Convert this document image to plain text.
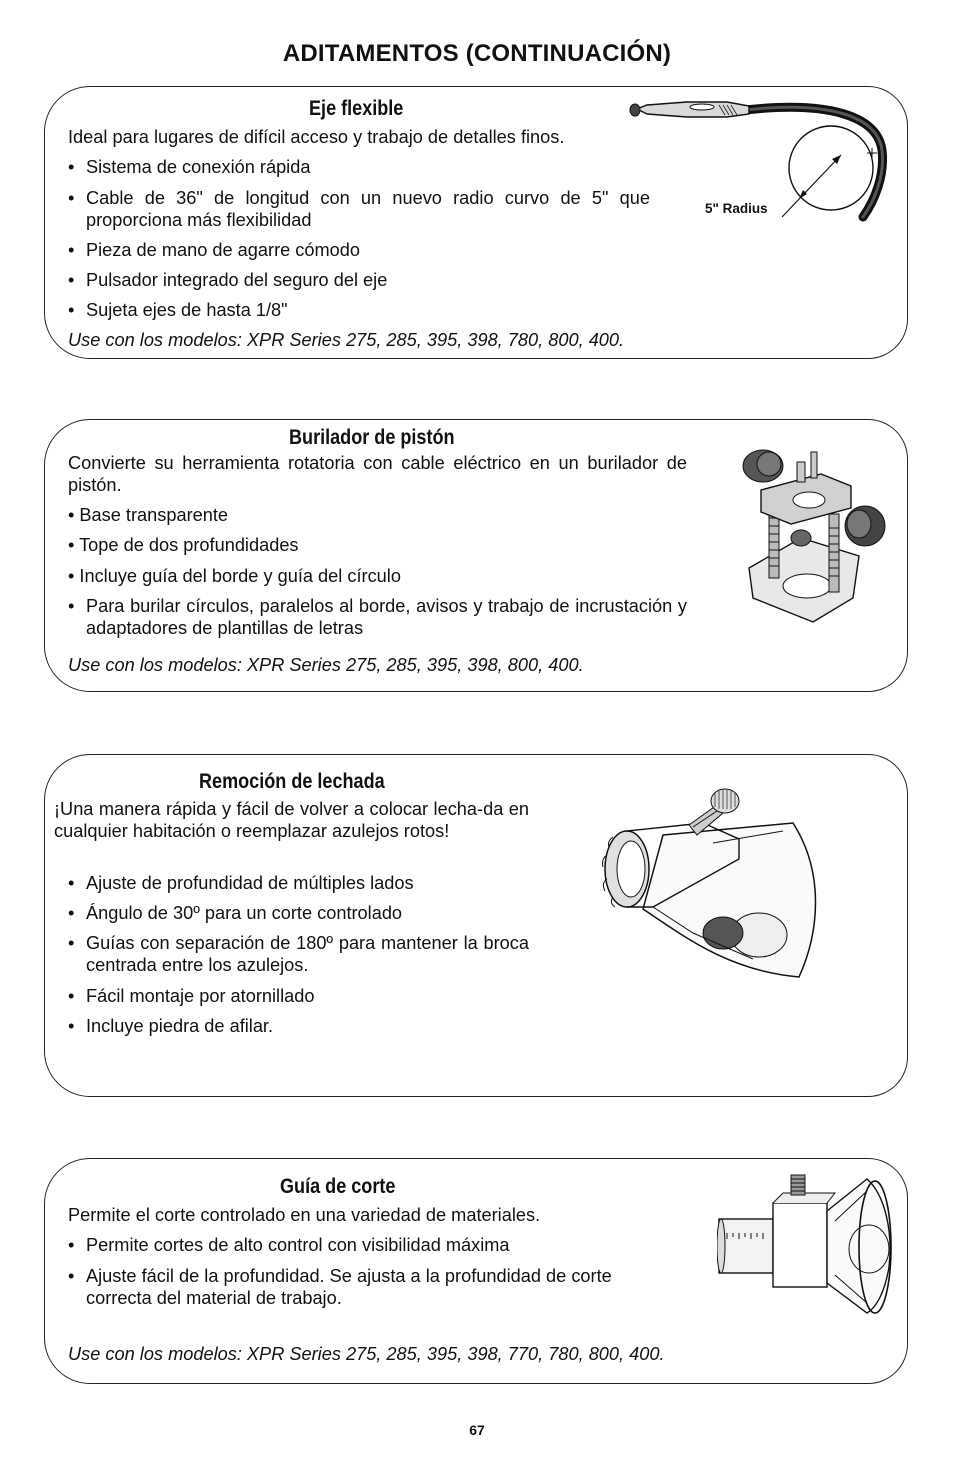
ADITAMENTOS (CONTINUACIÓN)
Eje flexible
Ideal para lugares de difícil acceso y trabajo de detalles finos.
• Sistema de conexión rápida
• Cable de 36" de longitud con un nuevo radio curvo de 5" que proporciona más flexibilidad
• Pieza de mano de agarre cómodo
• Pulsador integrado del seguro del eje
• Sujeta ejes de hasta 1/8"
Use con los modelos: XPR Series 275, 285, 395, 398, 780, 800, 400.
5" Radius
Burilador de pistón
Convierte su herramienta rotatoria con cable eléctrico en un burilador de pistón.
• Base transparente
• Tope de dos profundidades
• Incluye guía del borde y guía del círculo
• Para burilar círculos, paralelos al borde, avisos y trabajo de incrustación y adaptadores de plantillas de letras
Use con los modelos: XPR Series 275, 285, 395, 398, 800, 400.
Remoción de lechada
¡Una manera rápida y fácil de volver a colocar lecha-da en cualquier habitación o reemplazar azulejos rotos!
• Ajuste de profundidad de múltiples lados
• Ángulo de 30º para un corte controlado
• Guías con separación de 180º para mantener la broca centrada entre los azulejos.
• Fácil montaje por atornillado
• Incluye piedra de afilar.
Guía de corte
Permite el corte controlado en una variedad de materiales.
• Permite cortes de alto control con visibilidad máxima
• Ajuste fácil de la profundidad. Se ajusta a la profundidad de corte correcta del material de trabajo.
Use con los modelos: XPR Series 275, 285, 395, 398, 770, 780, 800, 400.
67
